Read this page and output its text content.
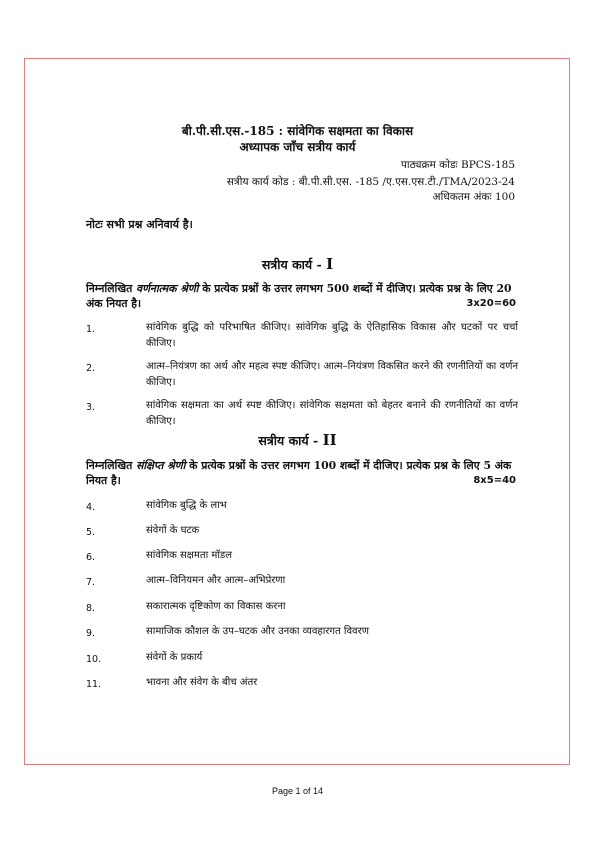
बी.पी.सी.एस.-185 : सांवेगिक सक्षमता का विकास
अध्यापक जाँच सत्रीय कार्य
पाठ्यक्रम कोडः BPCS-185
सत्रीय कार्य कोड : बी.पी.सी.एस. -185 /ए.एस.एस.टी./TMA/2023-24
अधिकतम अंकः 100
नोटः सभी प्रश्न अनिवार्य है।
सत्रीय कार्य - I
निम्नलिखित वर्णनात्मक श्रेणी के प्रत्येक प्रश्नों के उत्तर लगभग 500 शब्दों में दीजिए। प्रत्येक प्रश्न के लिए 20 अंक नियत है।	3x20=60
1.	सांवेगिक बुद्धि को परिभाषित कीजिए। सांवेगिक बुद्धि के ऐतिहासिक विकास और घटकों पर चर्चा कीजिए।
2.	आत्म–नियंत्रण का अर्थ और महत्व स्पष्ट कीजिए। आत्म–नियंत्रण विकसित करने की रणनीतियों का वर्णन कीजिए।
3.	सांवेगिक सक्षमता का अर्थ स्पष्ट कीजिए। सांवेगिक सक्षमता को बेहतर बनाने की रणनीतियों का वर्णन कीजिए।
सत्रीय कार्य - II
निम्नलिखित संक्षिप्त श्रेणी के प्रत्येक प्रश्नों के उत्तर लगभग 100 शब्दों में दीजिए। प्रत्येक प्रश्न के लिए 5 अंक नियत है।	8x5=40
4.	सांवेगिक बुद्धि के लाभ
5.	संवेगों के घटक
6.	सांवेगिक सक्षमता मॉडल
7.	आत्म–विनियमन और आत्म–अभिप्रेरणा
8.	सकारात्मक दृष्टिकोण का विकास करना
9.	सामाजिक कौशल के उप–घटक और उनका व्यवहारगत विवरण
10.	संवेगों के प्रकार्य
11.	भावना और संवेग के बीच अंतर
Page 1 of 14
